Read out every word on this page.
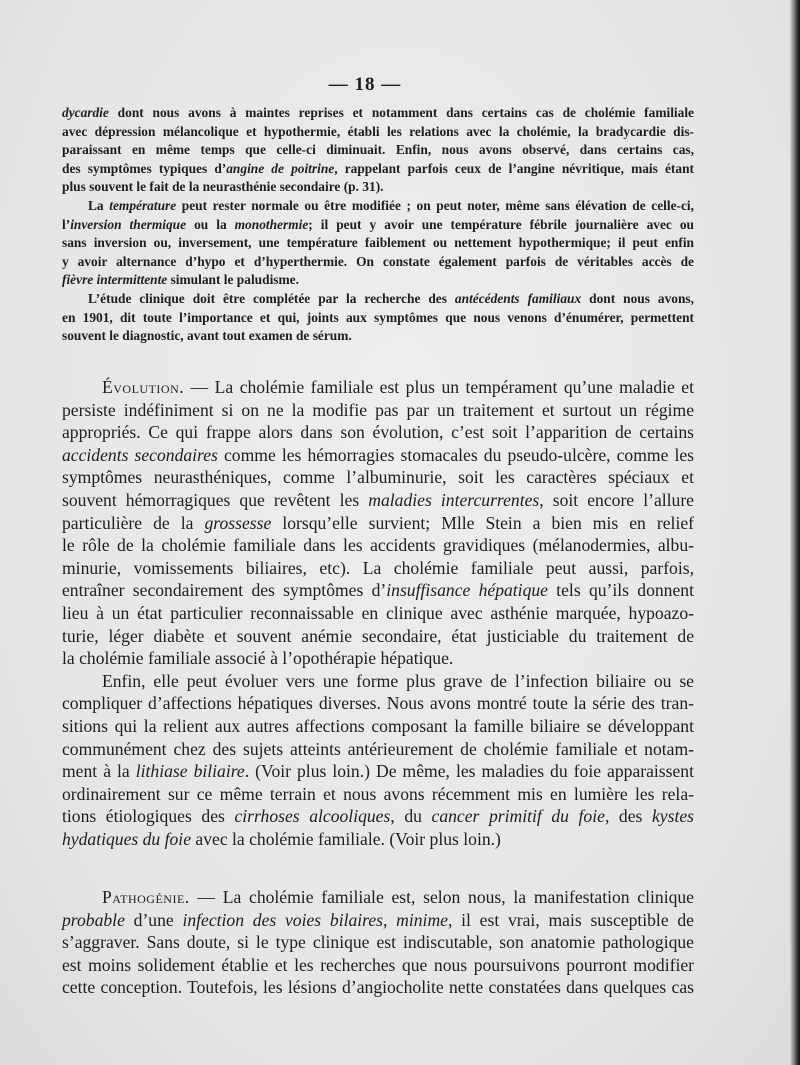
— 18 —
dycardie dont nous avons à maintes reprises et notamment dans certains cas de cholémie familiale
avec dépression mélancolique et hypothermie, établi les relations avec la cholémie, la bradycardie dis-
paraissant en même temps que celle-ci diminuait. Enfin, nous avons observé, dans certains cas,
des symptômes typiques d’angine de poitrine, rappelant parfois ceux de l’angine névritique, mais étant
plus souvent le fait de la neurasthénie secondaire (p. 31).
La température peut rester normale ou être modifiée ; on peut noter, même sans élévation de celle-ci,
l’inversion thermique ou la monothermie; il peut y avoir une température fébrile journalière avec ou
sans inversion ou, inversement, une température faiblement ou nettement hypothermique; il peut enfin
y avoir alternance d’hypo et d’hyperthermie. On constate également parfois de véritables accès de
fièvre intermittente simulant le paludisme.
L’étude clinique doit être complétée par la recherche des antécédents familiaux dont nous avons,
en 1901, dit toute l’importance et qui, joints aux symptômes que nous venons d’énumérer, permettent
souvent le diagnostic, avant tout examen de sérum.
Évolution. — La cholémie familiale est plus un tempérament qu’une maladie et
persiste indéfiniment si on ne la modifie pas par un traitement et surtout un régime
appropriés. Ce qui frappe alors dans son évolution, c’est soit l’apparition de certains
accidents secondaires comme les hémorragies stomacales du pseudo-ulcère, comme les
symptômes neurasthéniques, comme l’albuminurie, soit les caractères spéciaux et
souvent hémorragiques que revêtent les maladies intercurrentes, soit encore l’allure
particulière de la grossesse lorsqu’elle survient; Mlle Stein a bien mis en relief
le rôle de la cholémie familiale dans les accidents gravidiques (mélanodermies, albu-
minurie, vomissements biliaires, etc). La cholémie familiale peut aussi, parfois,
entraîner secondairement des symptômes d’insuffisance hépatique tels qu’ils donnent
lieu à un état particulier reconnaissable en clinique avec asthénie marquée, hypoazo-
turie, léger diabète et souvent anémie secondaire, état justiciable du traitement de
la cholémie familiale associé à l’opothérapie hépatique.
Enfin, elle peut évoluer vers une forme plus grave de l’infection biliaire ou se
compliquer d’affections hépatiques diverses. Nous avons montré toute la série des tran-
sitions qui la relient aux autres affections composant la famille biliaire se développant
communément chez des sujets atteints antérieurement de cholémie familiale et notam-
ment à la lithiase biliaire. (Voir plus loin.) De même, les maladies du foie apparaissent
ordinairement sur ce même terrain et nous avons récemment mis en lumière les rela-
tions étiologiques des cirrhoses alcooliques, du cancer primitif du foie, des kystes
hydatiques du foie avec la cholémie familiale. (Voir plus loin.)
Pathogénie. — La cholémie familiale est, selon nous, la manifestation clinique
probable d’une infection des voies bilaires, minime, il est vrai, mais susceptible de
s’aggraver. Sans doute, si le type clinique est indiscutable, son anatomie pathologique
est moins solidement établie et les recherches que nous poursuivons pourront modifier
cette conception. Toutefois, les lésions d’angiocholite nette constatées dans quelques cas
